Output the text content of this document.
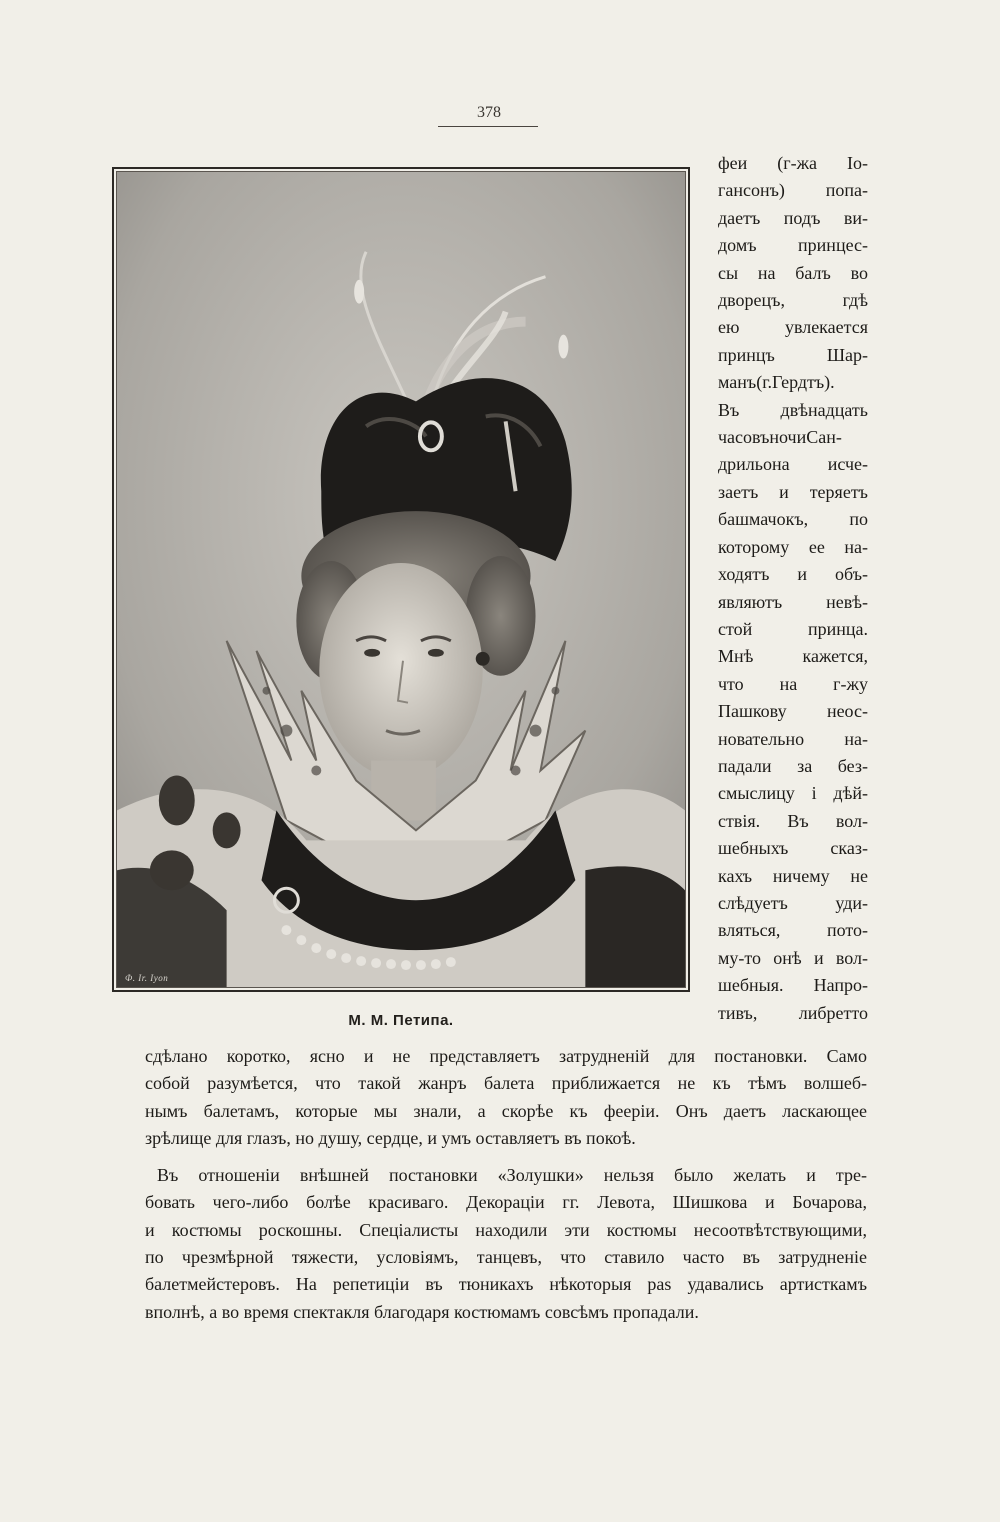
378
Ф. Ir. Iyon
М. М. Петипа.
феи (г-жа Іо-
гансонъ) попа-
даетъ подъ ви-
домъ принцес-
сы на балъ во
дворецъ, гдѣ
ею увлекается
принцъ Шар-
манъ(г.Гердтъ).
Въ двѣнадцать
часовъночиСан-
дрильона исче-
заетъ и теряетъ
башмачокъ, по
которому ее на-
ходятъ и объ-
являютъ невѣ-
стой принца.
Мнѣ кажется,
что на г-жу
Пашкову неос-
новательно на-
падали за без-
смыслицу і дѣй-
ствія. Въ вол-
шебныхъ сказ-
кахъ ничему не
слѣдуетъ уди-
вляться, пото-
му-то онѣ и вол-
шебныя. Напро-
тивъ, либретто
сдѣлано коротко, ясно и не представляетъ затрудненій для постановки. Само
собой разумѣется, что такой жанръ балета приближается не къ тѣмъ волшеб-
нымъ балетамъ, которые мы знали, а скорѣе къ феерiи. Онъ даетъ ласкающее
зрѣлище для глазъ, но душу, сердце, и умъ оставляетъ въ покоѣ.
Въ отношеніи внѣшней постановки «Золушки» нельзя было желать и тре-
бовать чего-либо болѣе красиваго. Декораціи гг. Левота, Шишкова и Бочарова,
и костюмы роскошны. Спеціалисты находили эти костюмы несоотвѣтствующими,
по чрезмѣрной тяжести, условіямъ, танцевъ, что ставило часто въ затрудненіе
балетмейстеровъ. На репетиціи въ тюникахъ нѣкоторыя pas удавались артисткамъ
вполнѣ, а во время спектакля благодаря костюмамъ совсѣмъ пропадали.
